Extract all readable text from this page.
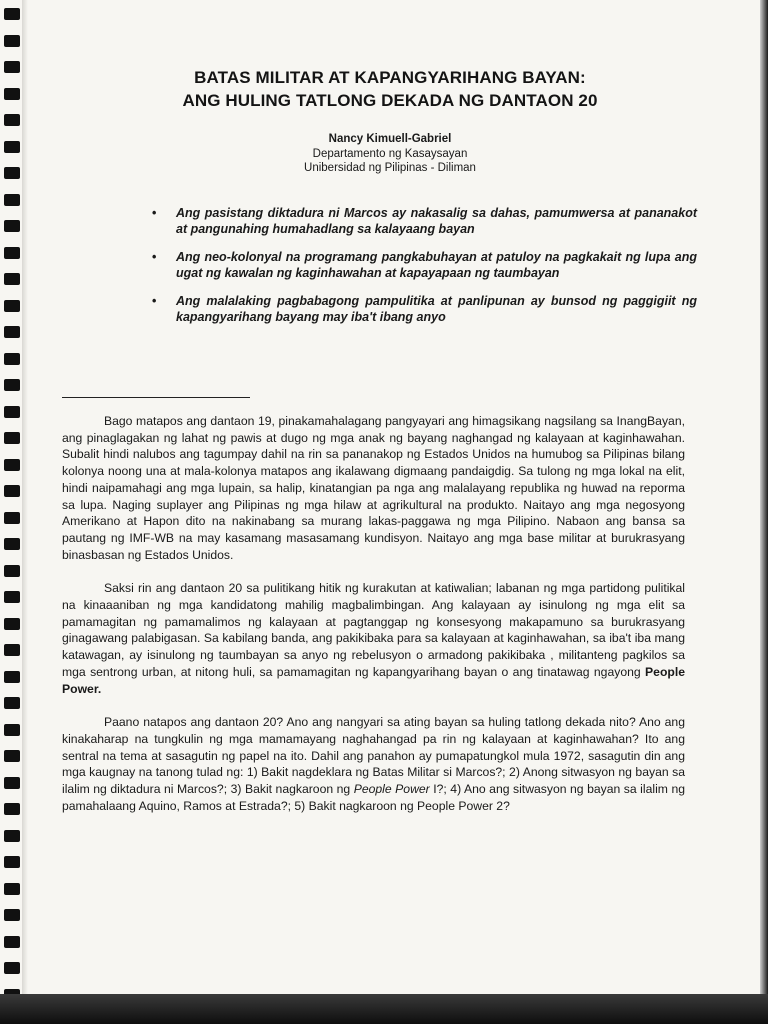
BATAS MILITAR AT KAPANGYARIHANG BAYAN:
ANG HULING TATLONG DEKADA NG DANTAON 20
Nancy Kimuell-Gabriel
Departamento ng Kasaysayan
Unibersidad ng Pilipinas - Diliman
• Ang pasistang diktadura ni Marcos ay nakasalig sa dahas, pamumwersa at pananakot at pangunahing humahadlang sa kalayaang bayan
• Ang neo-kolonyal na programang pangkabuhayan at patuloy na pagkakait ng lupa ang ugat ng kawalan ng kaginhawahan at kapayapaan ng taumbayan
• Ang malalaking pagbabagong pampulitika at panlipunan ay bunsod ng paggigiit ng kapangyarihang bayang may iba't ibang anyo

Bago matapos ang dantaon 19, pinakamahalagang pangyayari ang himagsikang nagsilang sa InangBayan, ang pinaglagakan ng lahat ng pawis at dugo ng mga anak ng bayang naghangad ng kalayaan at kaginhawahan. Subalit hindi nalubos ang tagumpay dahil na rin sa pananakop ng Estados Unidos na humubog sa Pilipinas bilang kolonya noong una at mala-kolonya matapos ang ikalawang digmaang pandaigdig. Sa tulong ng mga lokal na elit, hindi naipamahagi ang mga lupain, sa halip, kinatangian pa nga ang malalayang republika ng huwad na reporma sa lupa. Naging suplayer ang Pilipinas ng mga hilaw at agrikultural na produkto. Naitayo ang mga negosyong Amerikano at Hapon dito na nakinabang sa murang lakas-paggawa ng mga Pilipino. Nabaon ang bansa sa pautang ng IMF-WB na may kasamang masasamang kundisyon. Naitayo ang mga base militar at burukrasyang binasbasan ng Estados Unidos.

Saksi rin ang dantaon 20 sa pulitikang hitik ng kurakutan at katiwalian; labanan ng mga partidong pulitikal na kinaaaniban ng mga kandidatong mahilig magbalimbingan. Ang kalayaan ay isinulong ng mga elit sa pamamagitan ng pamamalimos ng kalayaan at pagtanggap ng konsesyong makapamuno sa burukrasyang ginagawang palabigasan. Sa kabilang banda, ang pakikibaka para sa kalayaan at kaginhawahan, sa iba't iba mang katawagan, ay isinulong ng taumbayan sa anyo ng rebelusyon o armadong pakikibaka , militanteng pagkilos sa mga sentrong urban, at nitong huli, sa pamamagitan ng kapangyarihang bayan o ang tinatawag ngayong People Power.

Paano natapos ang dantaon 20? Ano ang nangyari sa ating bayan sa huling tatlong dekada nito? Ano ang kinakaharap na tungkulin ng mga mamamayang naghahangad pa rin ng kalayaan at kaginhawahan? Ito ang sentral na tema at sasagutin ng papel na ito. Dahil ang panahon ay pumapatungkol mula 1972, sasagutin din ang mga kaugnay na tanong tulad ng: 1) Bakit nagdeklara ng Batas Militar si Marcos?; 2) Anong sitwasyon ng bayan sa ilalim ng diktadura ni Marcos?; 3) Bakit nagkaroon ng People Power I?; 4) Ano ang sitwasyon ng bayan sa ilalim ng pamahalaang Aquino, Ramos at Estrada?; 5) Bakit nagkaroon ng People Power 2?
